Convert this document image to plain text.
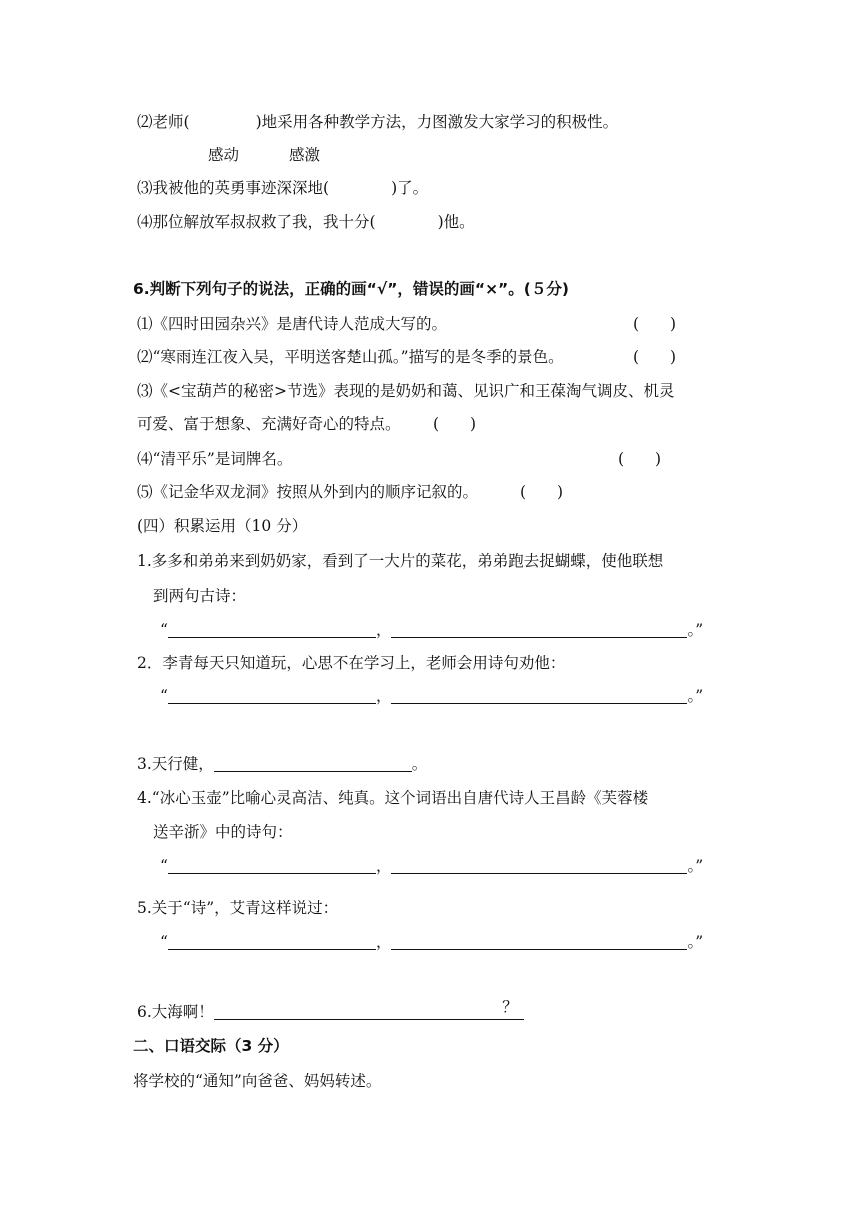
⑵老师(	)地采用各种教学方法，力图激发大家学习的积极性。
感动	感激
⑶我被他的英勇事迹深深地(	)了。
⑷那位解放军叔叔救了我，我十分(	)他。
6.判断下列句子的说法，正确的画“√”，错误的画“×”。(５分)
⑴《四时田园杂兴》是唐代诗人范成大写的。	(　　)
⑵“寒雨连江夜入吴，平明送客楚山孤。”描写的是冬季的景色。	(　　)
⑶《<宝葫芦的秘密>节选》表现的是奶奶和蔼、见识广和王葆淘气调皮、机灵
可爱、富于想象、充满好奇心的特点。 (　　)
⑷“清平乐”是词牌名。	(　　)
⑸《记金华双龙洞》按照从外到内的顺序记叙的。	(　　)
(四）积累运用（10 分）
1.多多和弟弟来到奶奶家，看到了一大片的菜花，弟弟跑去捉蝴蝶，使他联想
到两句古诗：
“	，	。”
2．李青每天只知道玩，心思不在学习上，老师会用诗句劝他：
“	，	。”
3.天行健，	。
4.“冰心玉壶”比喻心灵高洁、纯真。这个词语出自唐代诗人王昌龄《芙蓉楼
送辛浙》中的诗句：
“	，	。”
5.关于“诗”，艾青这样说过：
“	，	。”
6.大海啊！	？
二、口语交际（3 分）
将学校的“通知”向爸爸、妈妈转述。
